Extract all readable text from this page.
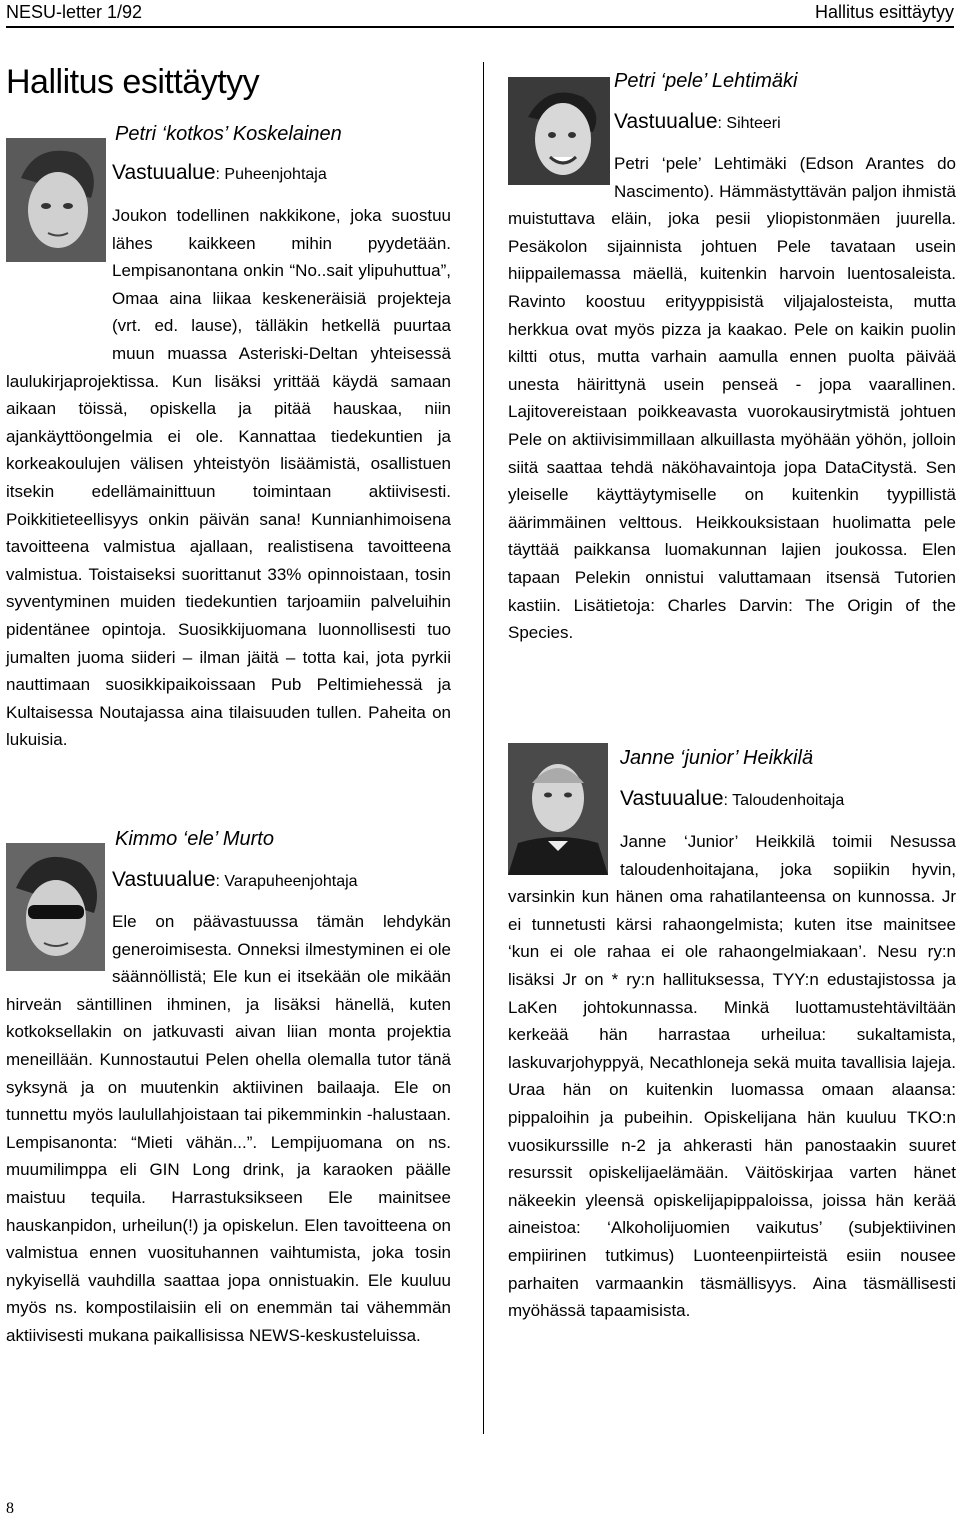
NESU-letter 1/92	Hallitus esittäytyy
Hallitus esittäytyy
Petri ‘kotkos’ Koskelainen
Vastuualue: Puheenjohtaja
Joukon todellinen nakkikone, joka suostuu lähes kaikkeen mihin pyydetään. Lempisanontana onkin “No..sait ylipuhuttua”, Omaa aina liikaa keskeneräisiä projekteja (vrt. ed. lause), tälläkin hetkellä puurtaa muun muassa Asteriski-Deltan yhteisessä laulukirjaprojektissa. Kun lisäksi yrittää käydä samaan aikaan töissä, opiskella ja pitää hauskaa, niin ajankäyttöongelmia ei ole. Kannattaa tiedekuntien ja korkeakoulujen välisen yhteistyön lisäämistä, osallistuen itsekin edellämainittuun toimintaan aktiivisesti. Poikkitieteellisyys onkin päivän sana! Kunnianhimoisena tavoitteena valmistua ajallaan, realistisena tavoitteena valmistua. Toistaiseksi suorittanut 33% opinnoistaan, tosin syventyminen muiden tiedekuntien tarjoamiin palveluihin pidentänee opintoja. Suosikkijuomana luonnollisesti tuo jumalten juoma siideri – ilman jäitä – totta kai, jota pyrkii nauttimaan suosikkipaikoissaan Pub Peltimiehessä ja Kultaisessa Noutajassa aina tilaisuuden tullen. Paheita on lukuisia.
Kimmo ‘ele’ Murto
Vastuualue: Varapuheenjohtaja
Ele on päävastuussa tämän lehdykän generoimisesta. Onneksi ilmestyminen ei ole säännöllistä; Ele kun ei itsekään ole mikään hirveän säntillinen ihminen, ja lisäksi hänellä, kuten kotkoksellakin on jatkuvasti aivan liian monta projektia meneillään. Kunnostautui Pelen ohella olemalla tutor tänä syksynä ja on muutenkin aktiivinen bailaaja. Ele on tunnettu myös laulullahjoistaan tai pikemminkin -halustaan. Lempisanonta: “Mieti vähän...”. Lempijuomana on ns. muumilimppa eli GIN Long drink, ja karaoken päälle maistuu tequila. Harrastuksikseen Ele mainitsee hauskanpidon, urheilun(!) ja opiskelun. Elen tavoitteena on valmistua ennen vuosituhannen vaihtumista, joka tosin nykyisellä vauhdilla saattaa jopa onnistuakin. Ele kuuluu myös ns. kompostilaisiin eli on enemmän tai vähemmän aktiivisesti mukana paikallisissa NEWS-keskusteluissa.
Petri ‘pele’ Lehtimäki
Vastuualue: Sihteeri
Petri ‘pele’ Lehtimäki (Edson Arantes do Nascimento). Hämmästyttävän paljon ihmistä muistuttava eläin, joka pesii yliopistonmäen juurella. Pesäkolon sijainnista johtuen Pele tavataan usein hiippailemassa mäellä, kuitenkin harvoin luentosaleista. Ravinto koostuu erityyppisistä viljajalosteista, mutta herkkua ovat myös pizza ja kaakao. Pele on kaikin puolin kiltti otus, mutta varhain aamulla ennen puolta päivää unesta häirittynä usein penseä - jopa vaarallinen. Lajitovereistaan poikkeavasta vuorokausirytmistä johtuen Pele on aktiivisimmillaan alkuillasta myöhään yöhön, jolloin siitä saattaa tehdä näköhavaintoja jopa DataCitystä. Sen yleiselle käyttäytymiselle on kuitenkin tyypillistä äärimmäinen velttous. Heikkouksistaan huolimatta pele täyttää paikkansa luomakunnan lajien joukossa. Elen tapaan Pelekin onnistui valuttamaan itsensä Tutorien kastiin. Lisätietoja: Charles Darvin: The Origin of the Species.
Janne ‘junior’ Heikkilä
Vastuualue: Taloudenhoitaja
Janne ‘Junior’ Heikkilä toimii Nesussa taloudenhoitajana, joka sopiikin hyvin, varsinkin kun hänen oma rahatilanteensa on kunnossa. Jr ei tunnetusti kärsi rahaongelmista; kuten itse mainitsee ‘kun ei ole rahaa ei ole rahaongelmiakaan’. Nesu ry:n lisäksi Jr on * ry:n hallituksessa, TYY:n edustajistossa ja LaKen johtokunnassa. Minkä luottamustehtäviltään kerkeää hän harrastaa urheilua: sukaltamista, laskuvarjohyppyä, Necathloneja sekä muita tavallisia lajeja. Uraa hän on kuitenkin luomassa omaan alaansa: pippaloihin ja pubeihin. Opiskelijana hän kuuluu TKO:n vuosikurssille n-2 ja ahkerasti hän panostaakin suuret resurssit opiskelijaelämään. Väitöskirjaa varten hänet näkeekin yleensä opiskelijapippaloissa, joissa hän kerää aineistoa: ‘Alkoholijuomien vaikutus’ (subjektiivinen empiirinen tutkimus) Luonteenpiirteistä esiin nousee parhaiten varmaankin täsmällisyys. Aina täsmällisesti myöhässä tapaamisista.
8
